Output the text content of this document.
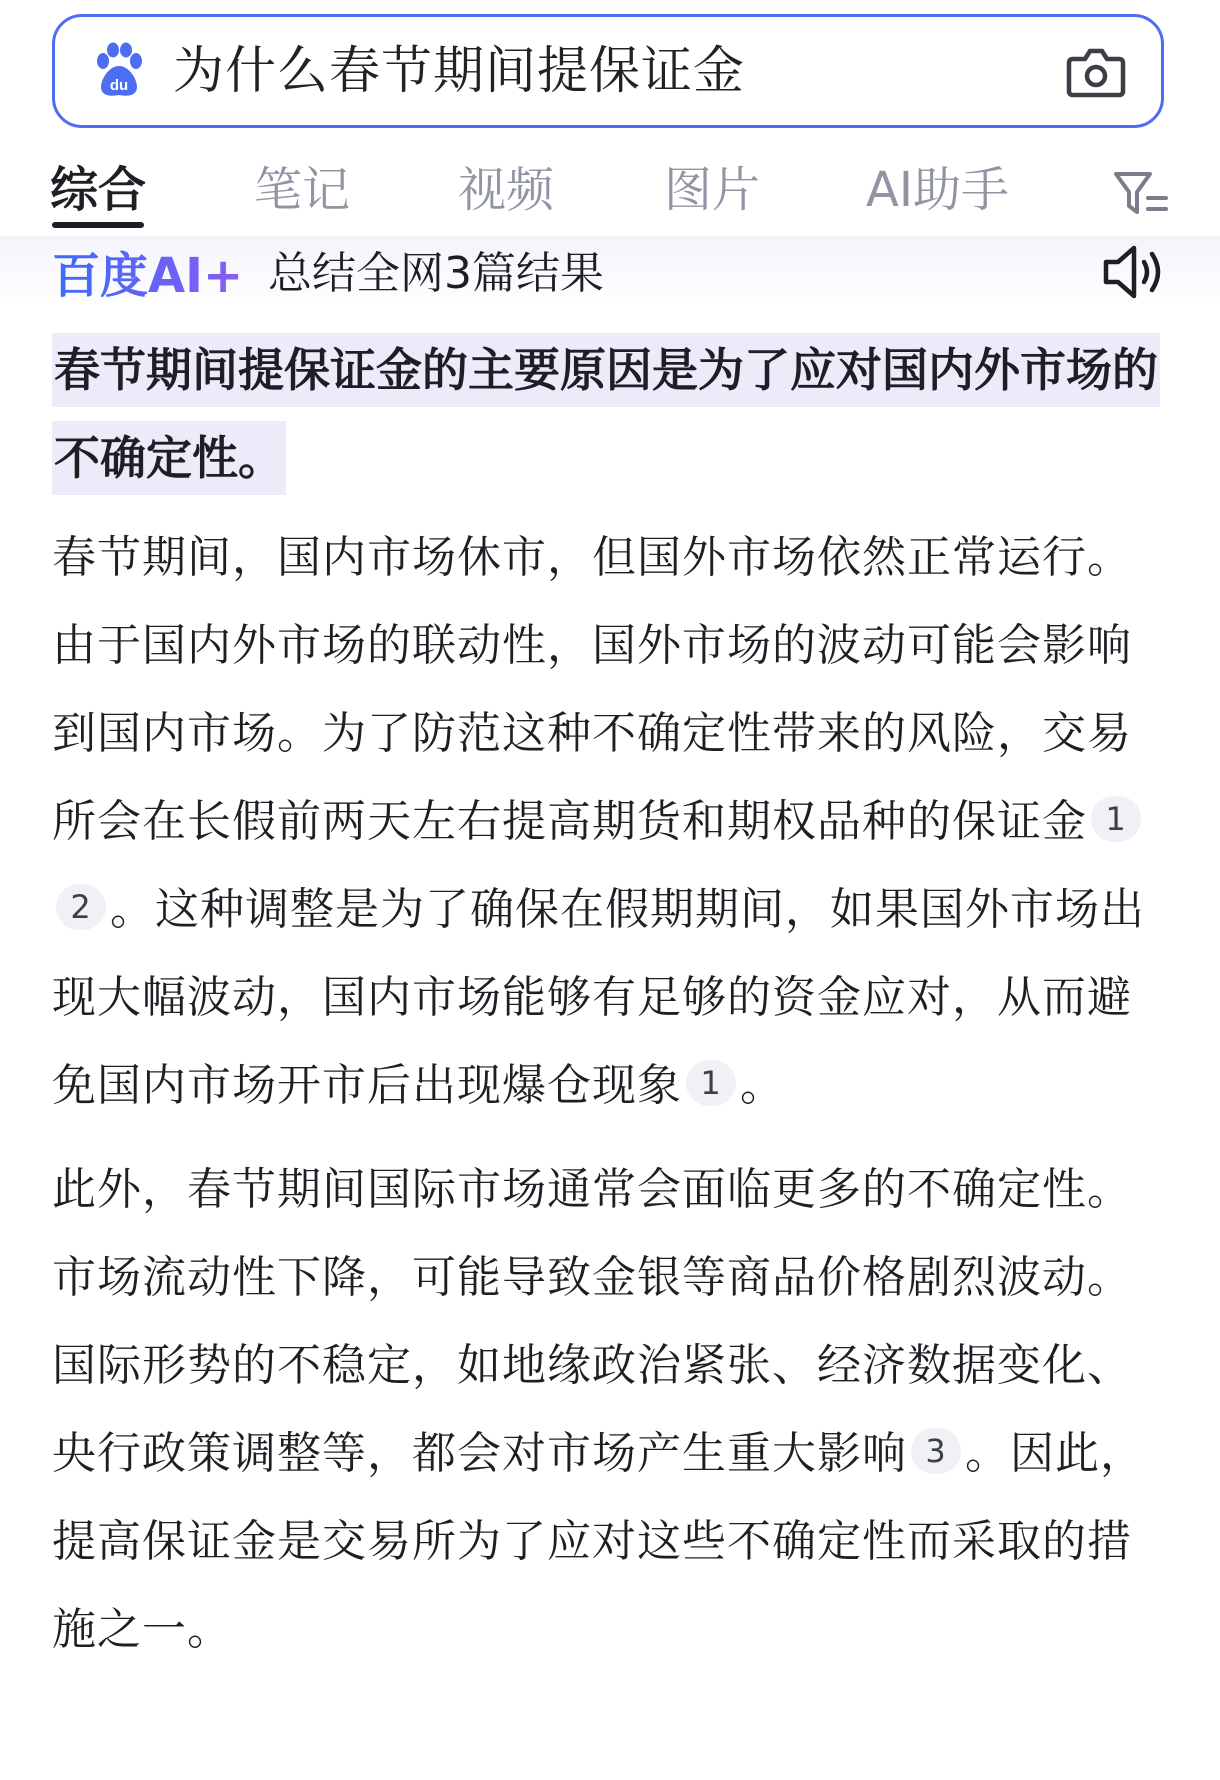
du 为什么春节期间提保证金
综合 笔记 视频 图片 AI助手
百度AI+ 总结全网3篇结果

春节期间提保证金的主要原因是为了应对国内外市场的不确定性。

春节期间，国内市场休市，但国外市场依然正常运行。由于国内外市场的联动性，国外市场的波动可能会影响到国内市场。为了防范这种不确定性带来的风险，交易所会在长假前两天左右提高期货和期权品种的保证金 12 。这种调整是为了确保在假期期间，如果国外市场出现大幅波动，国内市场能够有足够的资金应对，从而避免国内市场开市后出现爆仓现象 1 。

此外，春节期间国际市场通常会面临更多的不确定性。市场流动性下降，可能导致金银等商品价格剧烈波动。国际形势的不稳定，如地缘政治紧张、经济数据变化、央行政策调整等，都会对市场产生重大影响 3 。因此，提高保证金是交易所为了应对这些不确定性而采取的措施之一。
